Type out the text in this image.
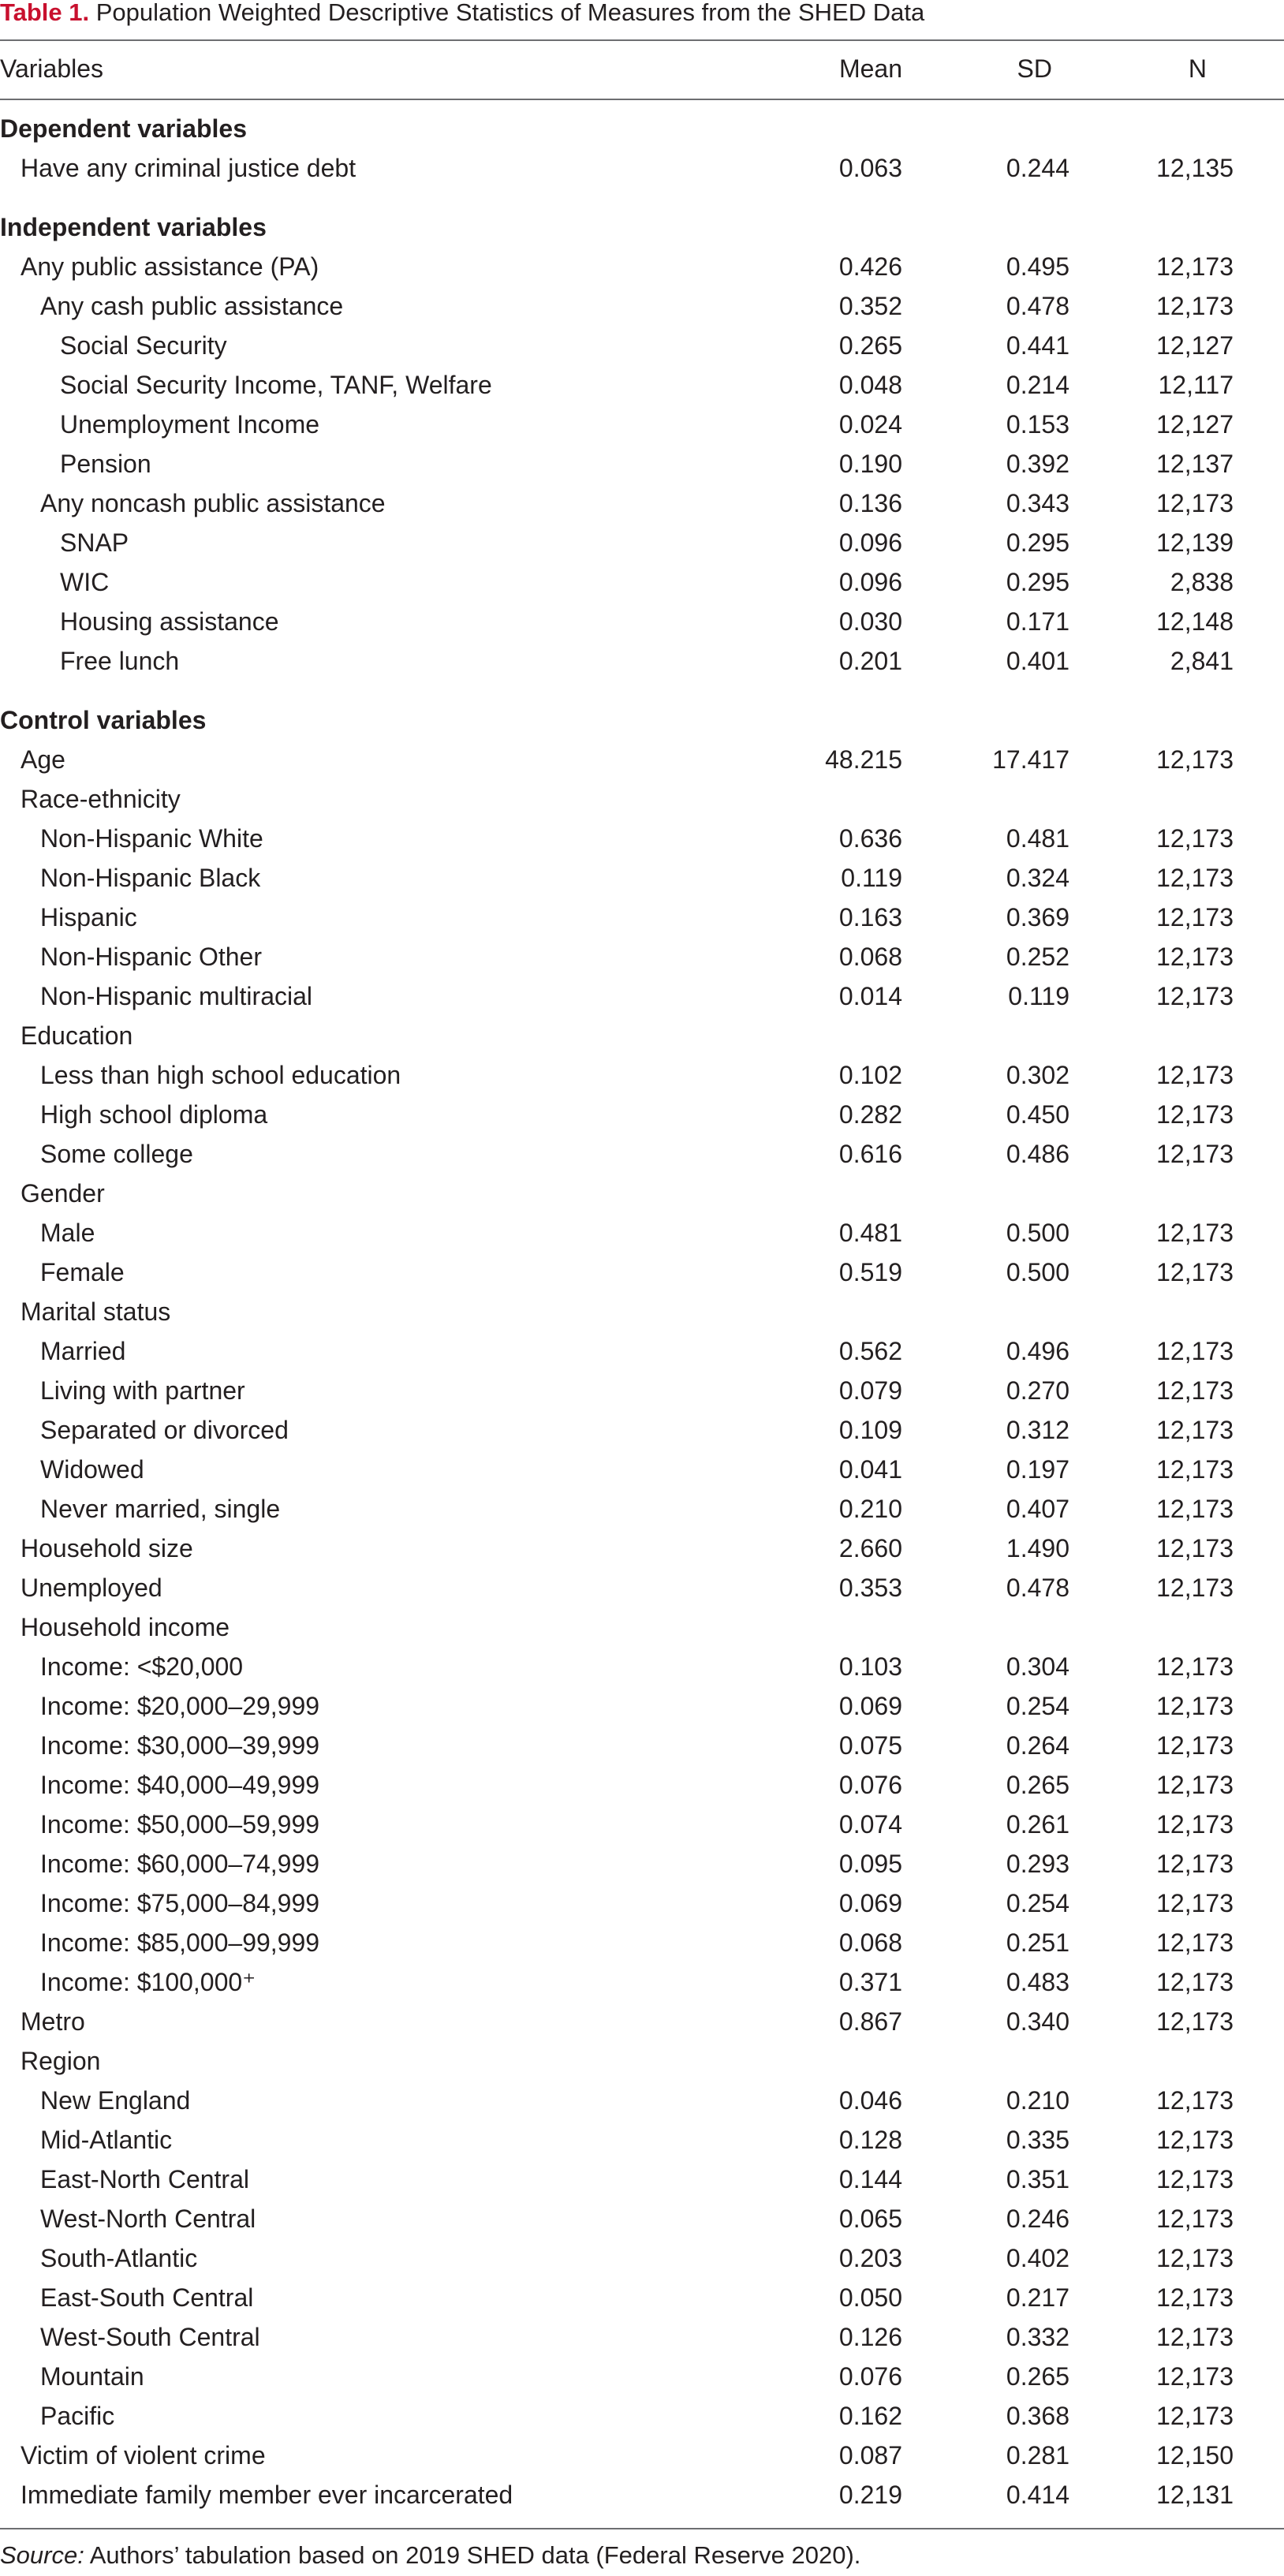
Table 1. Population Weighted Descriptive Statistics of Measures from the SHED Data
Variables	Mean	SD	N
Dependent variables
Have any criminal justice debt	0.063	0.244	12,135
Independent variables
Any public assistance (PA)	0.426	0.495	12,173
Any cash public assistance	0.352	0.478	12,173
Social Security	0.265	0.441	12,127
Social Security Income, TANF, Welfare	0.048	0.214	12,117
Unemployment Income	0.024	0.153	12,127
Pension	0.190	0.392	12,137
Any noncash public assistance	0.136	0.343	12,173
SNAP	0.096	0.295	12,139
WIC	0.096	0.295	2,838
Housing assistance	0.030	0.171	12,148
Free lunch	0.201	0.401	2,841
Control variables
Age	48.215	17.417	12,173
Race-ethnicity
Non-Hispanic White	0.636	0.481	12,173
Non-Hispanic Black	0.119	0.324	12,173
Hispanic	0.163	0.369	12,173
Non-Hispanic Other	0.068	0.252	12,173
Non-Hispanic multiracial	0.014	0.119	12,173
Education
Less than high school education	0.102	0.302	12,173
High school diploma	0.282	0.450	12,173
Some college	0.616	0.486	12,173
Gender
Male	0.481	0.500	12,173
Female	0.519	0.500	12,173
Marital status
Married	0.562	0.496	12,173
Living with partner	0.079	0.270	12,173
Separated or divorced	0.109	0.312	12,173
Widowed	0.041	0.197	12,173
Never married, single	0.210	0.407	12,173
Household size	2.660	1.490	12,173
Unemployed	0.353	0.478	12,173
Household income
Income: <$20,000	0.103	0.304	12,173
Income: $20,000–29,999	0.069	0.254	12,173
Income: $30,000–39,999	0.075	0.264	12,173
Income: $40,000–49,999	0.076	0.265	12,173
Income: $50,000–59,999	0.074	0.261	12,173
Income: $60,000–74,999	0.095	0.293	12,173
Income: $75,000–84,999	0.069	0.254	12,173
Income: $85,000–99,999	0.068	0.251	12,173
Income: $100,000⁺	0.371	0.483	12,173
Metro	0.867	0.340	12,173
Region
New England	0.046	0.210	12,173
Mid-Atlantic	0.128	0.335	12,173
East-North Central	0.144	0.351	12,173
West-North Central	0.065	0.246	12,173
South-Atlantic	0.203	0.402	12,173
East-South Central	0.050	0.217	12,173
West-South Central	0.126	0.332	12,173
Mountain	0.076	0.265	12,173
Pacific	0.162	0.368	12,173
Victim of violent crime	0.087	0.281	12,150
Immediate family member ever incarcerated	0.219	0.414	12,131
Source: Authors’ tabulation based on 2019 SHED data (Federal Reserve 2020).
